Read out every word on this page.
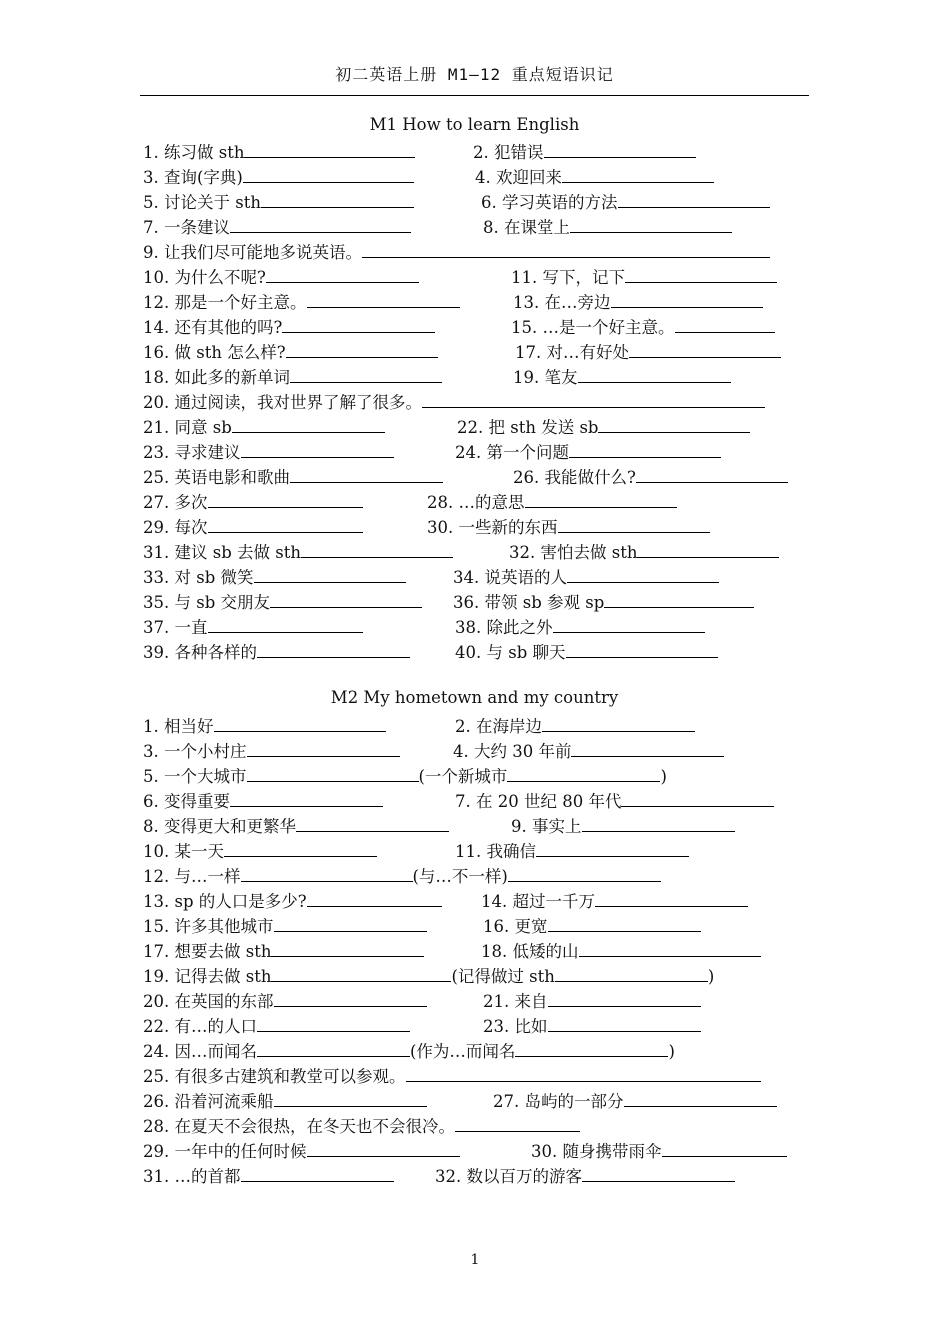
初二英语上册 M1—12 重点短语识记
M1 How to learn English
1. 练习做 sth	2. 犯错误
3. 查询(字典)	4. 欢迎回来
5. 讨论关于 sth	6. 学习英语的方法
7. 一条建议	8. 在课堂上
9. 让我们尽可能地多说英语。
10. 为什么不呢?	11. 写下，记下
12. 那是一个好主意。	13. 在…旁边
14. 还有其他的吗?	15. …是一个好主意。
16. 做 sth 怎么样?	17. 对…有好处
18. 如此多的新单词	19. 笔友
20. 通过阅读，我对世界了解了很多。
21. 同意 sb	22. 把 sth 发送 sb
23. 寻求建议	24. 第一个问题
25. 英语电影和歌曲	26. 我能做什么?
27. 多次	28. …的意思
29. 每次	30. 一些新的东西
31. 建议 sb 去做 sth	32. 害怕去做 sth
33. 对 sb 微笑	34. 说英语的人
35. 与 sb 交朋友	36. 带领 sb 参观 sp
37. 一直	38. 除此之外
39. 各种各样的	40. 与 sb 聊天
M2 My hometown and my country
1. 相当好	2. 在海岸边
3. 一个小村庄	4. 大约 30 年前
5. 一个大城市	(一个新城市	)
6. 变得重要	7. 在 20 世纪 80 年代
8. 变得更大和更繁华	9. 事实上
10. 某一天	11. 我确信
12. 与…一样	(与…不一样)
13. sp 的人口是多少?	14. 超过一千万
15. 许多其他城市	16. 更宽
17. 想要去做 sth	18. 低矮的山
19. 记得去做 sth	(记得做过 sth	)
20. 在英国的东部	21. 来自
22. 有…的人口	23. 比如
24. 因…而闻名	(作为…而闻名	)
25. 有很多古建筑和教堂可以参观。
26. 沿着河流乘船	27. 岛屿的一部分
28. 在夏天不会很热，在冬天也不会很冷。
29. 一年中的任何时候	30. 随身携带雨伞
31. …的首都	32. 数以百万的游客
1
